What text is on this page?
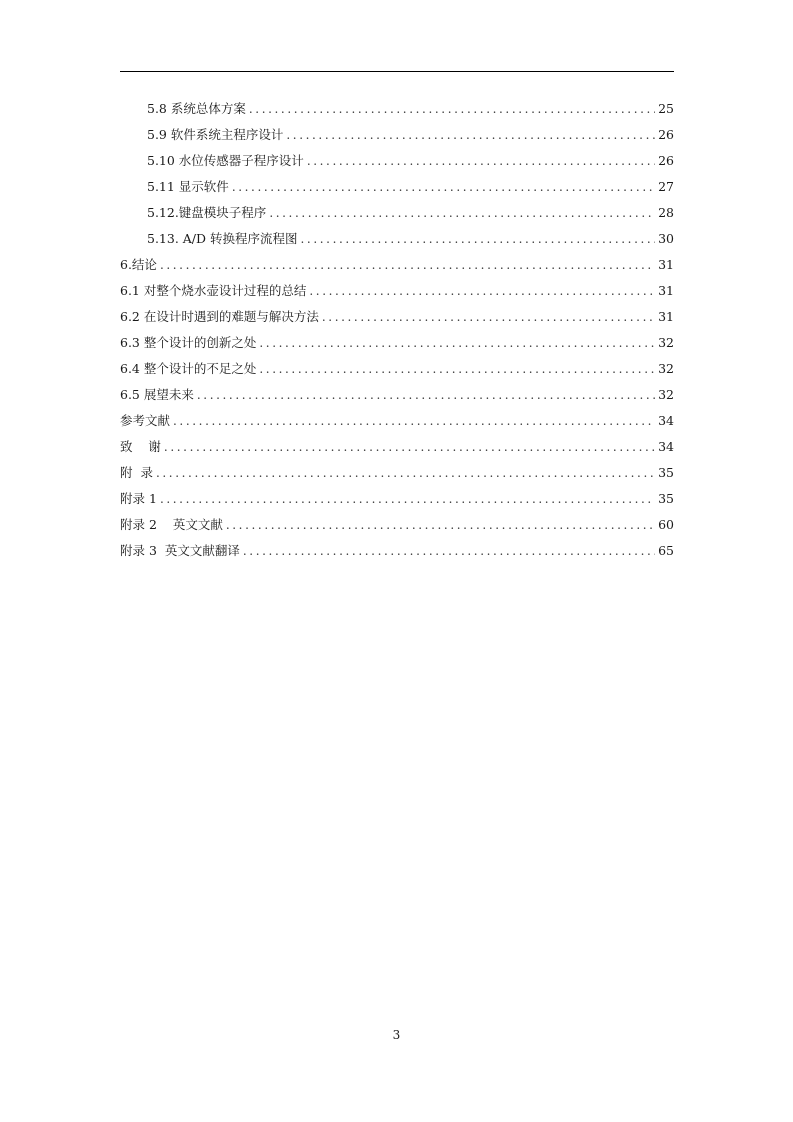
5.8 系统总体方案 .....	25
5.9 软件系统主程序设计 .....	26
5.10 水位传感器子程序设计 .....	26
5.11 显示软件 .....	27
5.12.键盘模块子程序 .....	28
5.13. A/D 转换程序流程图 .....	30
6.结论 .....	31
6.1 对整个烧水壶设计过程的总结 .....	31
6.2 在设计时遇到的难题与解决方法 .....	31
6.3 整个设计的创新之处 .....	32
6.4 整个设计的不足之处 .....	32
6.5 展望未来 .....	32
参考文献 .....	34
致    谢 .....	34
附  录 .....	35
附录 1 .....	35
附录 2    英文文献 .....	60
附录 3  英文文献翻译 .....	65
3
